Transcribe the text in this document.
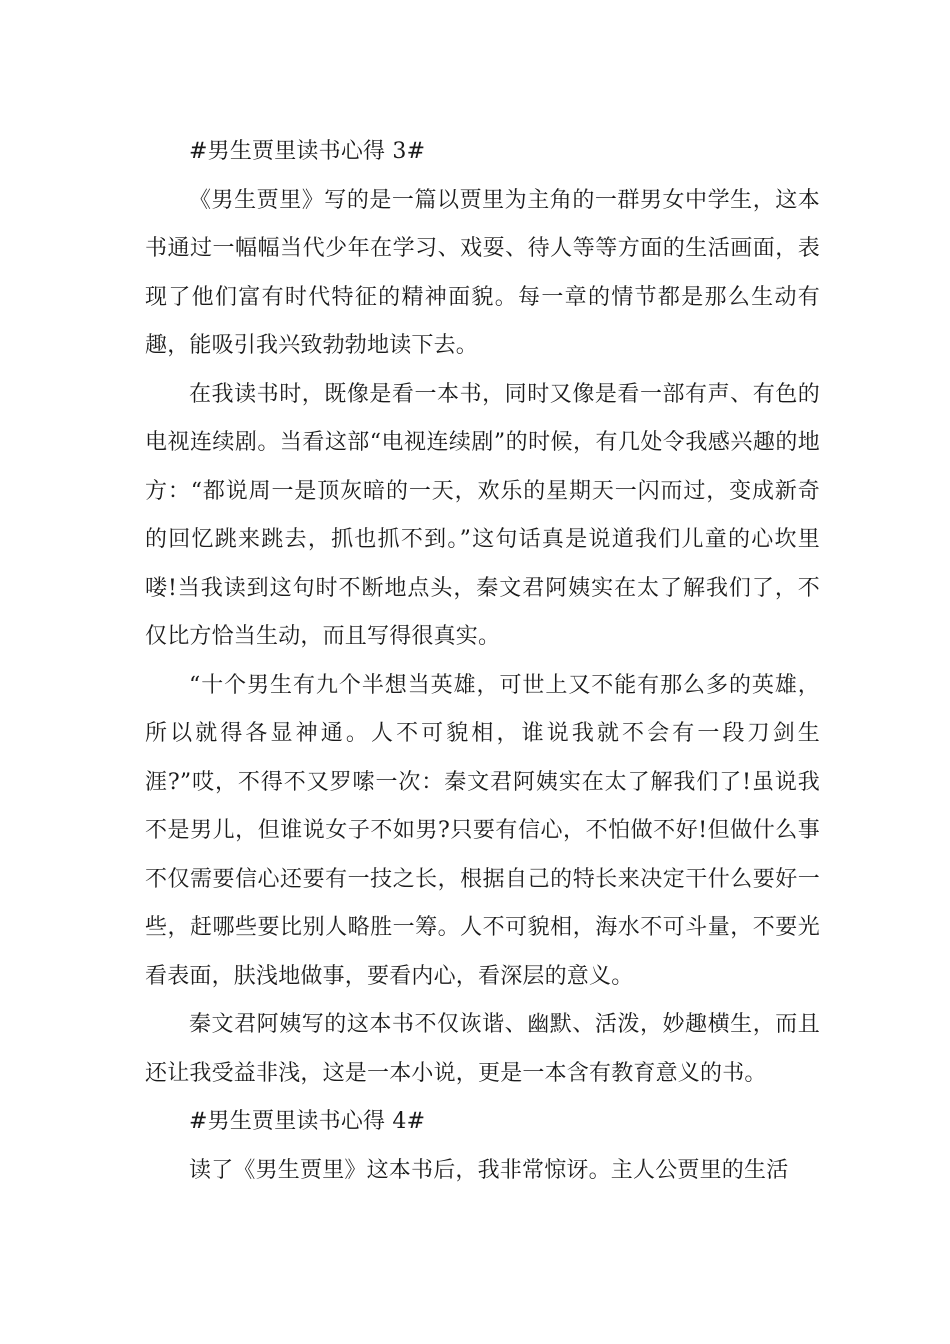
#男生贾里读书心得 3#

《男生贾里》写的是一篇以贾里为主角的一群男女中学生，这本书通过一幅幅当代少年在学习、戏耍、待人等等方面的生活画面，表现了他们富有时代特征的精神面貌。每一章的情节都是那么生动有趣，能吸引我兴致勃勃地读下去。

在我读书时，既像是看一本书，同时又像是看一部有声、有色的电视连续剧。当看这部“电视连续剧”的时候，有几处令我感兴趣的地方：“都说周一是顶灰暗的一天，欢乐的星期天一闪而过，变成新奇的回忆跳来跳去，抓也抓不到。”这句话真是说道我们儿童的心坎里喽!当我读到这句时不断地点头，秦文君阿姨实在太了解我们了，不仅比方恰当生动，而且写得很真实。

“十个男生有九个半想当英雄，可世上又不能有那么多的英雄，所以就得各显神通。人不可貌相，谁说我就不会有一段刀剑生涯?”哎，不得不又罗嗦一次：秦文君阿姨实在太了解我们了!虽说我不是男儿，但谁说女子不如男?只要有信心，不怕做不好!但做什么事不仅需要信心还要有一技之长，根据自己的特长来决定干什么要好一些，赶哪些要比别人略胜一筹。人不可貌相，海水不可斗量，不要光看表面，肤浅地做事，要看内心，看深层的意义。

秦文君阿姨写的这本书不仅诙谐、幽默、活泼，妙趣横生，而且还让我受益非浅，这是一本小说，更是一本含有教育意义的书。

#男生贾里读书心得 4#

读了《男生贾里》这本书后，我非常惊讶。主人公贾里的生活
